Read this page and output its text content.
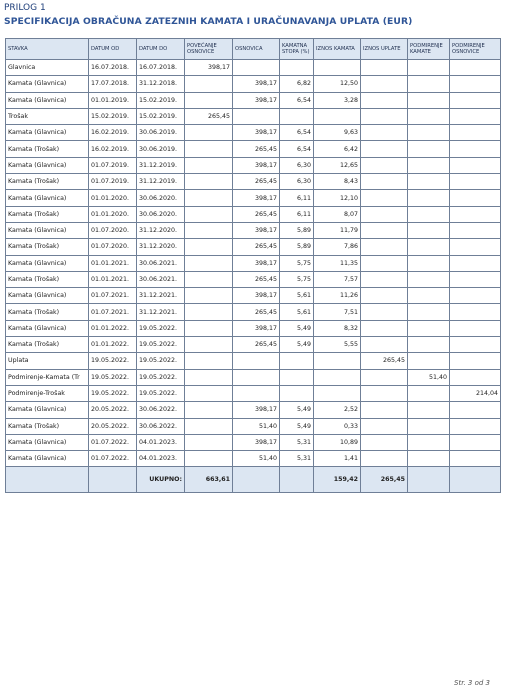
PRILOG 1
SPECIFIKACIJA OBRAČUNA ZATEZNIH KAMATA I URAČUNAVANJA UPLATA (EUR)
STAVKA	DATUM OD	DATUM DO	POVEĆANJE OSNOVICE	OSNOVICA	KAMATNA STOPA (%)	IZNOS KAMATA	IZNOS UPLATE	PODMIRENJE KAMATE	PODMIRENJE OSNOVICE
Glavnica	16.07.2018.	16.07.2018.	398,17						
Kamata (Glavnica)	17.07.2018.	31.12.2018.		398,17	6,82	12,50			
Kamata (Glavnica)	01.01.2019.	15.02.2019.		398,17	6,54	3,28			
Trošak	15.02.2019.	15.02.2019.	265,45						
Kamata (Glavnica)	16.02.2019.	30.06.2019.		398,17	6,54	9,63			
Kamata (Trošak)	16.02.2019.	30.06.2019.		265,45	6,54	6,42			
Kamata (Glavnica)	01.07.2019.	31.12.2019.		398,17	6,30	12,65			
Kamata (Trošak)	01.07.2019.	31.12.2019.		265,45	6,30	8,43			
Kamata (Glavnica)	01.01.2020.	30.06.2020.		398,17	6,11	12,10			
Kamata (Trošak)	01.01.2020.	30.06.2020.		265,45	6,11	8,07			
Kamata (Glavnica)	01.07.2020.	31.12.2020.		398,17	5,89	11,79			
Kamata (Trošak)	01.07.2020.	31.12.2020.		265,45	5,89	7,86			
Kamata (Glavnica)	01.01.2021.	30.06.2021.		398,17	5,75	11,35			
Kamata (Trošak)	01.01.2021.	30.06.2021.		265,45	5,75	7,57			
Kamata (Glavnica)	01.07.2021.	31.12.2021.		398,17	5,61	11,26			
Kamata (Trošak)	01.07.2021.	31.12.2021.		265,45	5,61	7,51			
Kamata (Glavnica)	01.01.2022.	19.05.2022.		398,17	5,49	8,32			
Kamata (Trošak)	01.01.2022.	19.05.2022.		265,45	5,49	5,55			
Uplata	19.05.2022.	19.05.2022.					265,45		
Podmirenje-Kamata (Tr	19.05.2022.	19.05.2022.						51,40	
Podmirenje-Trošak	19.05.2022.	19.05.2022.							214,04
Kamata (Glavnica)	20.05.2022.	30.06.2022.		398,17	5,49	2,52			
Kamata (Trošak)	20.05.2022.	30.06.2022.		51,40	5,49	0,33			
Kamata (Glavnica)	01.07.2022.	04.01.2023.		398,17	5,31	10,89			
Kamata (Glavnica)	01.07.2022.	04.01.2023.		51,40	5,31	1,41			
		UKUPNO:	663,61			159,42	265,45		
Str. 3 od 3
